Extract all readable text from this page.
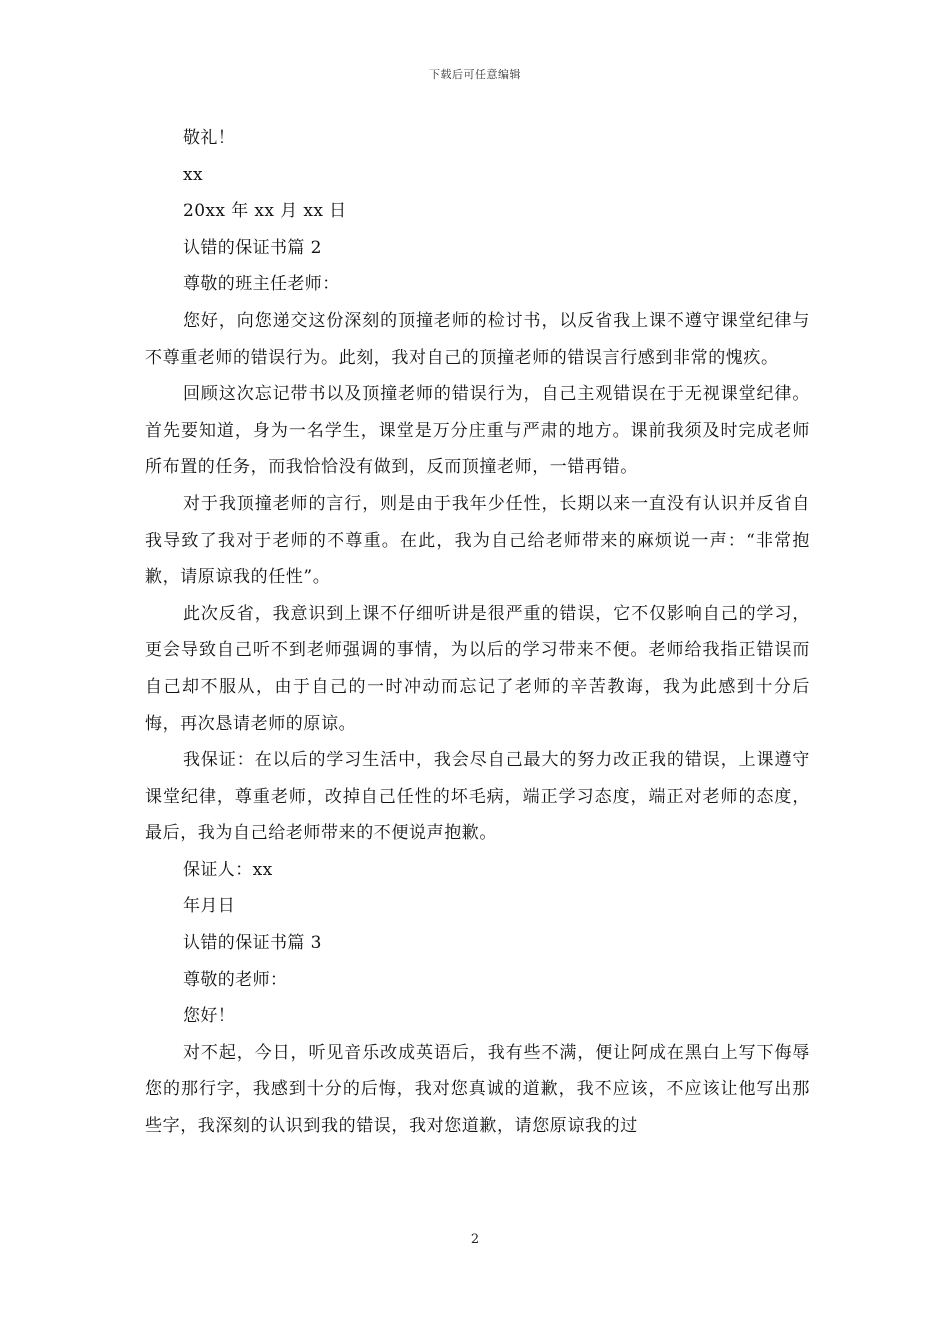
下载后可任意编辑
敬礼！
xx
20xx 年 xx 月 xx 日
认错的保证书篇 2
尊敬的班主任老师：
您好，向您递交这份深刻的顶撞老师的检讨书，以反省我上课不遵守课堂纪律与不尊重老师的错误行为。此刻，我对自己的顶撞老师的错误言行感到非常的愧疚。
回顾这次忘记带书以及顶撞老师的错误行为，自己主观错误在于无视课堂纪律。首先要知道，身为一名学生，课堂是万分庄重与严肃的地方。课前我须及时完成老师所布置的任务，而我恰恰没有做到，反而顶撞老师，一错再错。
对于我顶撞老师的言行，则是由于我年少任性，长期以来一直没有认识并反省自我导致了我对于老师的不尊重。在此，我为自己给老师带来的麻烦说一声：“非常抱歉，请原谅我的任性”。
此次反省，我意识到上课不仔细听讲是很严重的错误，它不仅影响自己的学习，更会导致自己听不到老师强调的事情，为以后的学习带来不便。老师给我指正错误而自己却不服从，由于自己的一时冲动而忘记了老师的辛苦教诲，我为此感到十分后悔，再次恳请老师的原谅。
我保证：在以后的学习生活中，我会尽自己最大的努力改正我的错误，上课遵守课堂纪律，尊重老师，改掉自己任性的坏毛病，端正学习态度，端正对老师的态度，最后，我为自己给老师带来的不便说声抱歉。
保证人：xx
年月日
认错的保证书篇 3
尊敬的老师：
您好！
对不起，今日，听见音乐改成英语后，我有些不满，便让阿成在黑白上写下侮辱您的那行字，我感到十分的后悔，我对您真诚的道歉，我不应该，不应该让他写出那些字，我深刻的认识到我的错误，我对您道歉，请您原谅我的过
2
